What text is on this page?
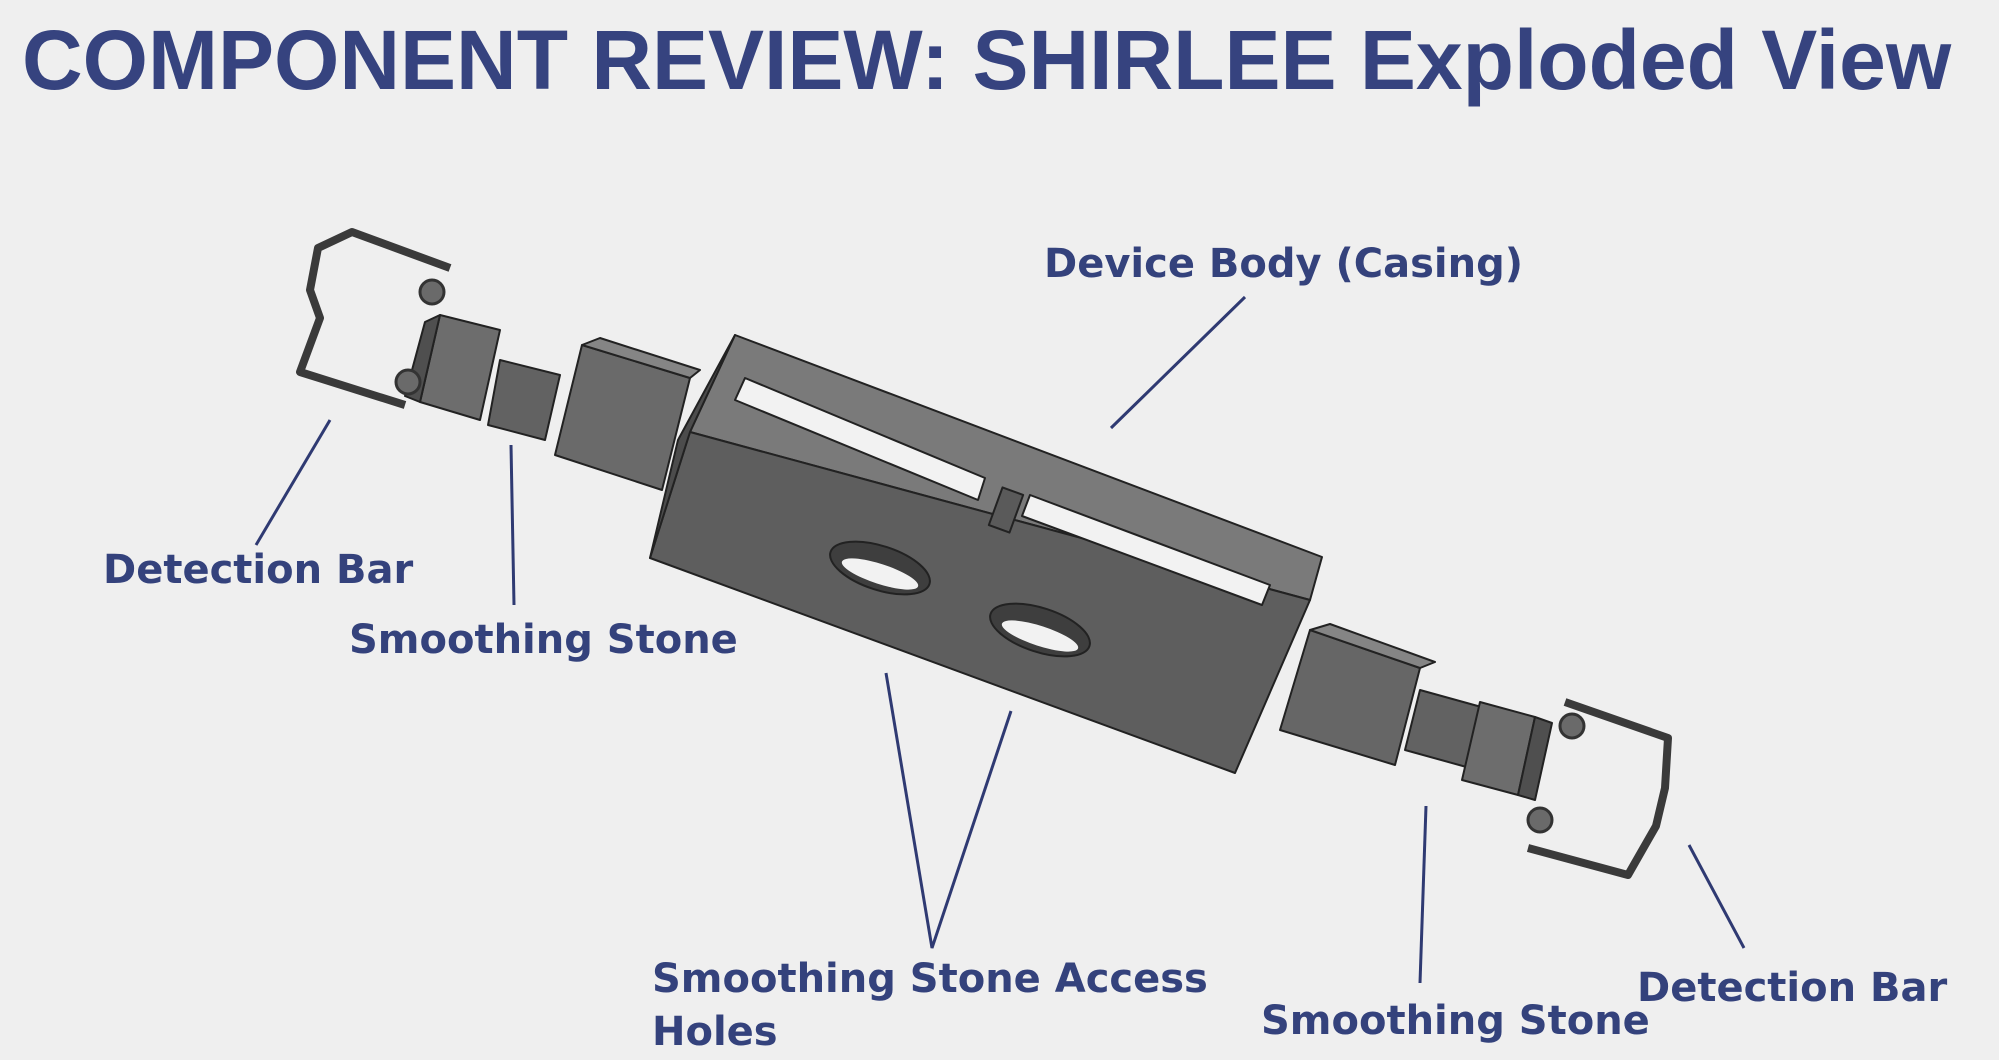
COMPONENT REVIEW: SHIRLEE Exploded View
Device Body (Casing)
Detection Bar
Smoothing Stone
Smoothing Stone Access
Holes	Smoothing Stone
Detection Bar
